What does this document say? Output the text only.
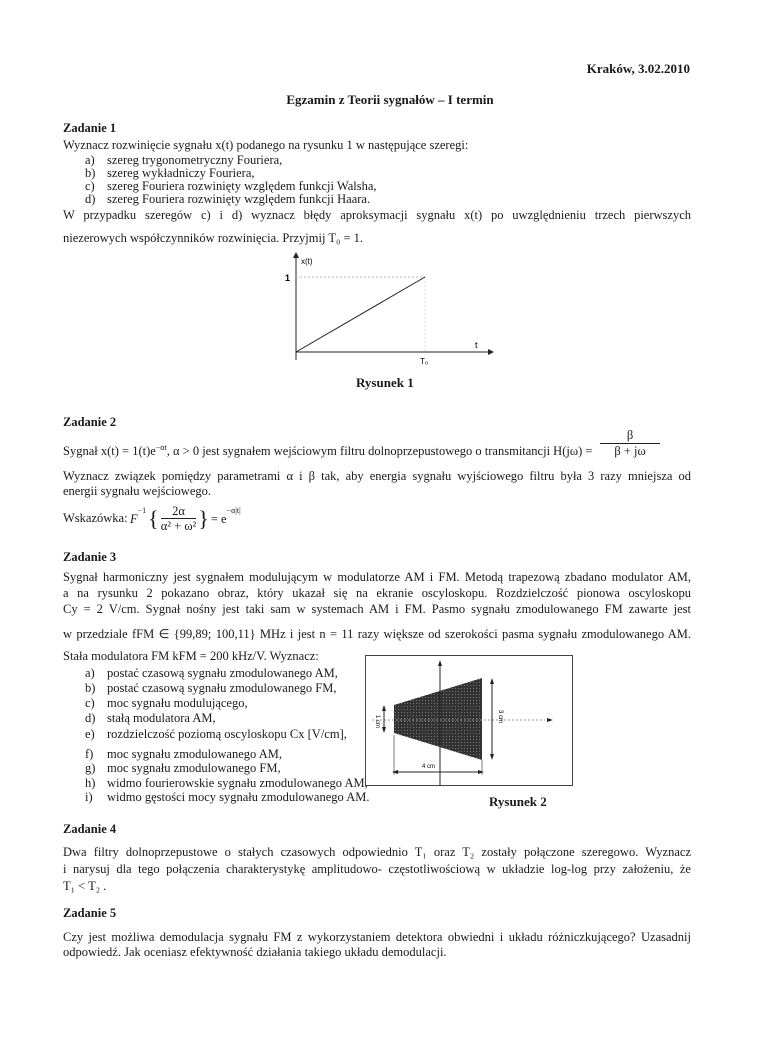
Kraków, 3.02.2010
Egzamin z Teorii sygnałów – I termin
Zadanie 1
Wyznacz rozwinięcie sygnału x(t) podanego na rysunku 1 w następujące szeregi:
a) szereg trygonometryczny Fouriera,
b) szereg wykładniczy Fouriera,
c) szereg Fouriera rozwinięty względem funkcji Walsha,
d) szereg Fouriera rozwinięty względem funkcji Haara.
W przypadku szeregów c) i d) wyznacz błędy aproksymacji sygnału x(t) po uwzględnieniu trzech pierwszych
niezerowych współczynników rozwinięcia. Przyjmij T₀ = 1.
x(t)
1
t
T₀
Rysunek 1
Zadanie 2
Sygnał $x(t) = 1(t)e^{-\alpha t}$, α > 0 jest sygnałem wejściowym filtru dolnoprzepustowego o transmitancji $H(j\omega) = \frac{\beta}{\beta + j\omega}$
Wyznacz związek pomiędzy parametrami α i β tak, aby energia sygnału wyjściowego filtru była 3 razy mniejsza od
energii sygnału wejściowego.
Wskazówka: F
$^{-1}$ { $\frac{2\alpha}{\text{α² + ω²}}$ } = e
$^{-\alpha|t|}$
Zadanie 3
Sygnał harmoniczny jest sygnałem modulującym w modulatorze AM i FM. Metodą trapezową zbadano modulator AM,
a na rysunku 2 pokazano obraz, który ukazał się na ekranie oscyloskopu. Rozdzielczość pionowa oscyloskopu
Cy = 2 V/cm. Sygnał nośny jest taki sam w systemach AM i FM. Pasmo sygnału zmodulowanego FM zawarte jest
w przedziale fFM ∈ {99,89; 100,11} MHz i jest n = 11 razy większe od szerokości pasma sygnału zmodulowanego AM.
Stała modulatora FM kFM = 200 kHz/V. Wyznacz:
a) postać czasową sygnału zmodulowanego AM,
b) postać czasową sygnału zmodulowanego FM,
c) moc sygnału modulującego,
d) stałą modulatora AM,
e) rozdzielczość poziomą oscyloskopu Cx [V/cm],
f) moc sygnału zmodulowanego AM,
g) moc sygnału zmodulowanego FM,
h) widmo fourierowskie sygnału zmodulowanego AM,
i) widmo gęstości mocy sygnału zmodulowanego AM.
1 cm	3 cm
4 cm
Rysunek 2
Zadanie 4
Dwa filtry dolnoprzepustowe o stałych czasowych odpowiednio T₁ oraz T₂ zostały połączone szeregowo. Wyznacz
i narysuj dla tego połączenia charakterystykę amplitudowo- częstotliwościową w układzie log-log przy założeniu, że
T₁ < T₂ .
Zadanie 5
Czy jest możliwa demodulacja sygnału FM z wykorzystaniem detektora obwiedni i układu różniczkującego? Uzasadnij
odpowiedź. Jak oceniasz efektywność działania takiego układu demodulacji.
